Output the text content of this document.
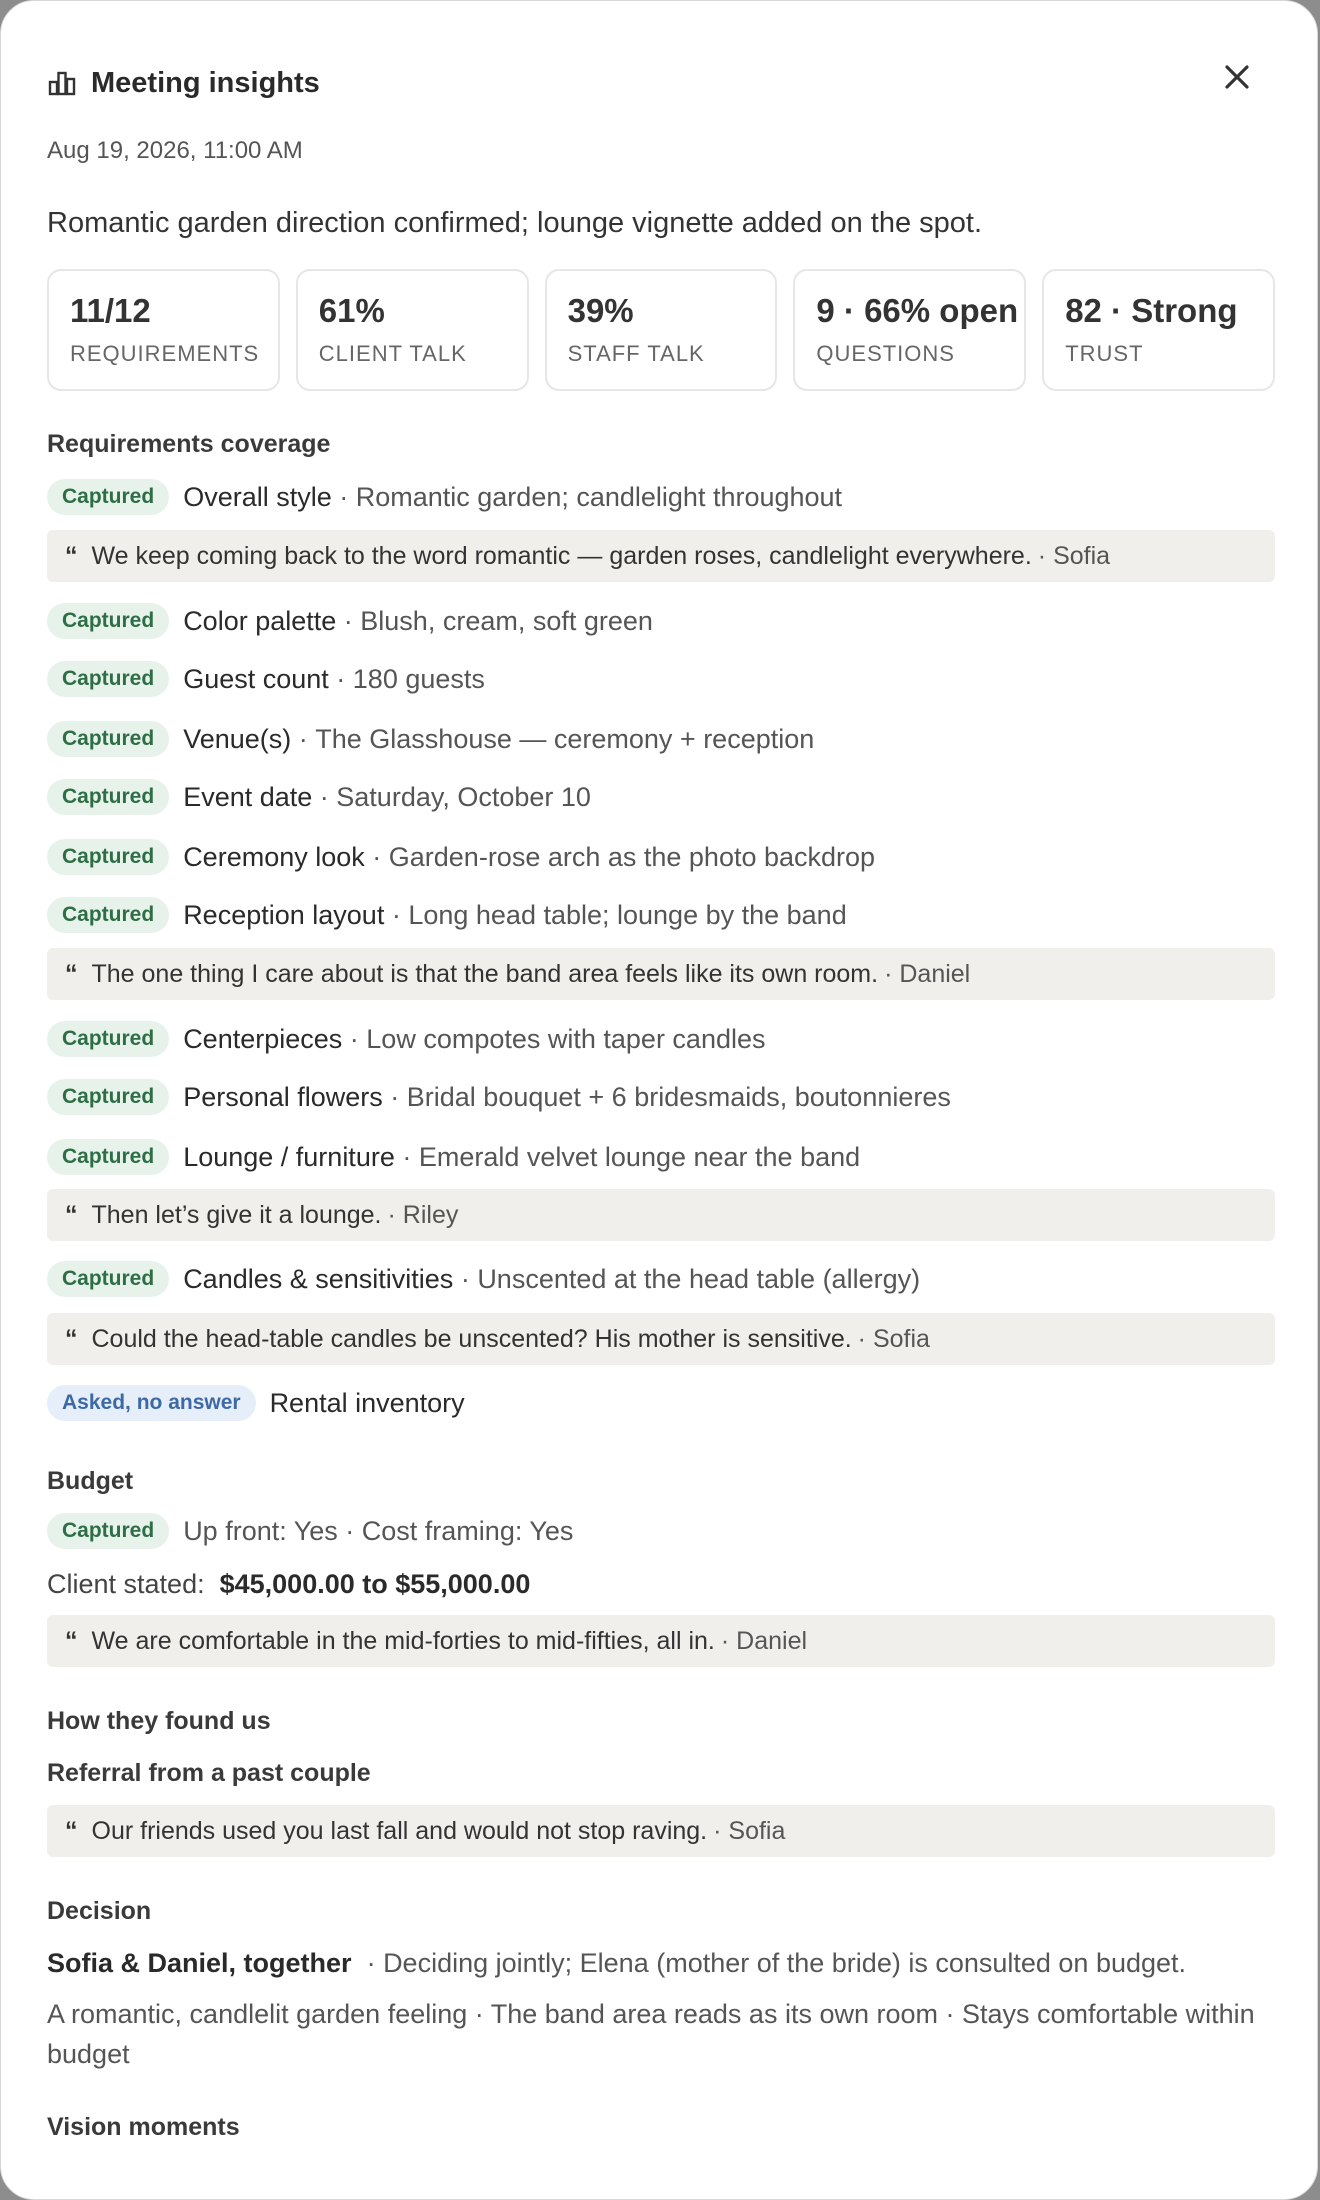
Meeting insights
Aug 19, 2026, 11:00 AM
Romantic garden direction confirmed; lounge vignette added on the spot.
11/12
REQUIREMENTS
61%
CLIENT TALK
39%
STAFF TALK
9 · 66% open
QUESTIONS
82 · Strong
TRUST
Requirements coverage
Captured	Overall style · Romantic garden; candlelight throughout
“ We keep coming back to the word romantic — garden roses, candlelight everywhere. · Sofia
Captured	Color palette · Blush, cream, soft green
Captured	Guest count · 180 guests
Captured	Venue(s) · The Glasshouse — ceremony + reception
Captured	Event date · Saturday, October 10
Captured	Ceremony look · Garden-rose arch as the photo backdrop
Captured	Reception layout · Long head table; lounge by the band
“ The one thing I care about is that the band area feels like its own room. · Daniel
Captured	Centerpieces · Low compotes with taper candles
Captured	Personal flowers · Bridal bouquet + 6 bridesmaids, boutonnieres
Captured	Lounge / furniture · Emerald velvet lounge near the band
“ Then let’s give it a lounge. · Riley
Captured	Candles & sensitivities · Unscented at the head table (allergy)
“ Could the head-table candles be unscented? His mother is sensitive. · Sofia
Asked, no answer	Rental inventory
Budget
Captured	Up front: Yes · Cost framing: Yes
Client stated: $45,000.00 to $55,000.00
“ We are comfortable in the mid-forties to mid-fifties, all in. · Daniel
How they found us
Referral from a past couple
“ Our friends used you last fall and would not stop raving. · Sofia
Decision
Sofia & Daniel, together · Deciding jointly; Elena (mother of the bride) is consulted on budget.
A romantic, candlelit garden feeling · The band area reads as its own room · Stays comfortable within budget
Vision moments
